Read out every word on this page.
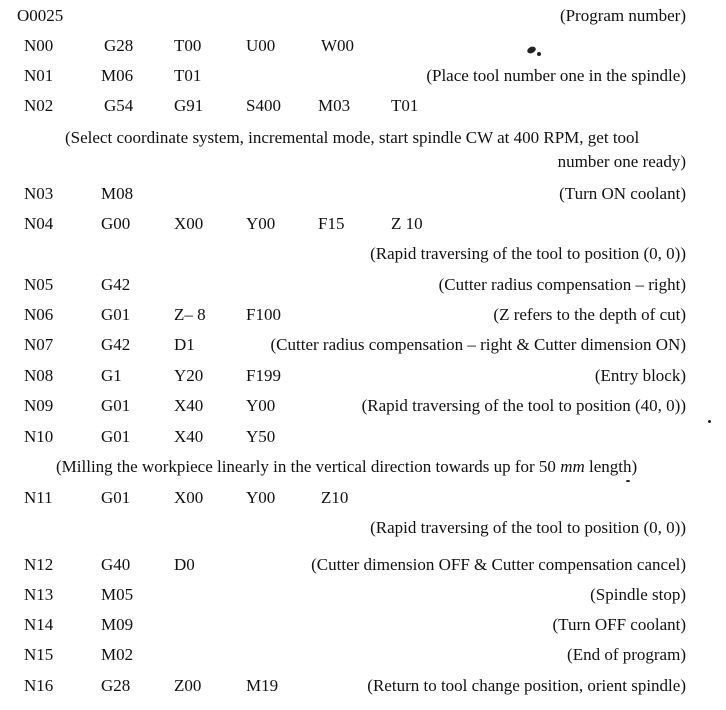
O0025	(Program number)
N00	G28 T00	U00	W00
N01	M06 T01	(Place tool number one in the spindle)
N02	G54 G91	S400 M03 T01
(Select coordinate system, incremental mode, start spindle CW at 400 RPM, get tool
number one ready)
N03	M08	(Turn ON coolant)
N04	G00	X00	Y00	F15	Z 10
(Rapid traversing of the tool to position (0, 0))
N05	G42	(Cutter radius compensation – right)
N06	G01	Z– 8 F100	(Z refers to the depth of cut)
N07	G42	D1	(Cutter radius compensation – right & Cutter dimension ON)
N08	G1	Y20	F199	(Entry block)
N09	G01	X40	Y00	(Rapid traversing of the tool to position (40, 0))
N10	G01	X40	Y50
(Milling the workpiece linearly in the vertical direction towards up for 50 mm length)
N11	G01	X00	Y00	Z10
(Rapid traversing of the tool to position (0, 0))
N12	G40	D0	(Cutter dimension OFF & Cutter compensation cancel)
N13	M05	(Spindle stop)
N14	M09	(Turn OFF coolant)
N15	M02	(End of program)
N16	G28	Z00	M19	(Return to tool change position, orient spindle)
